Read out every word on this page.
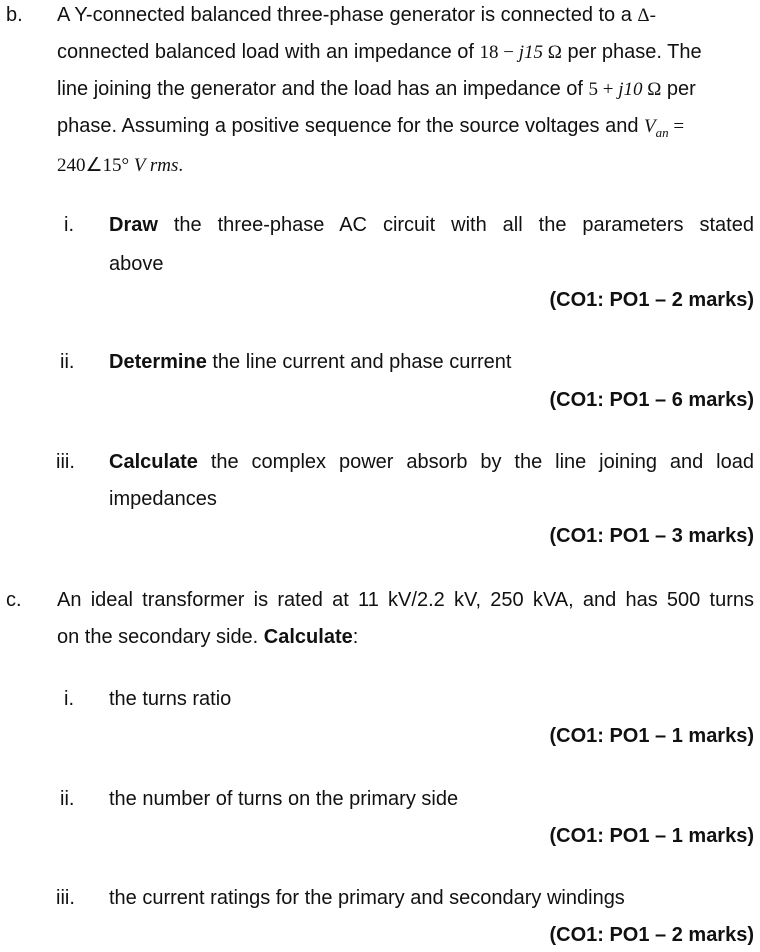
b. A Y-connected balanced three-phase generator is connected to a Δ-
connected balanced load with an impedance of 18 − j15 Ω per phase. The
line joining the generator and the load has an impedance of 5 + j10 Ω per
phase. Assuming a positive sequence for the source voltages and $V_{an}$ =
240∠15° V rms.
i. Draw the three-phase AC circuit with all the parameters stated
above
(CO1: PO1 – 2 marks)
ii. Determine the line current and phase current
(CO1: PO1 – 6 marks)
iii. Calculate the complex power absorb by the line joining and load
impedances
(CO1: PO1 – 3 marks)
c. An ideal transformer is rated at 11 kV/2.2 kV, 250 kVA, and has 500 turns
on the secondary side. Calculate:
i. the turns ratio
(CO1: PO1 – 1 marks)
ii. the number of turns on the primary side
(CO1: PO1 – 1 marks)
iii. the current ratings for the primary and secondary windings
(CO1: PO1 – 2 marks)
